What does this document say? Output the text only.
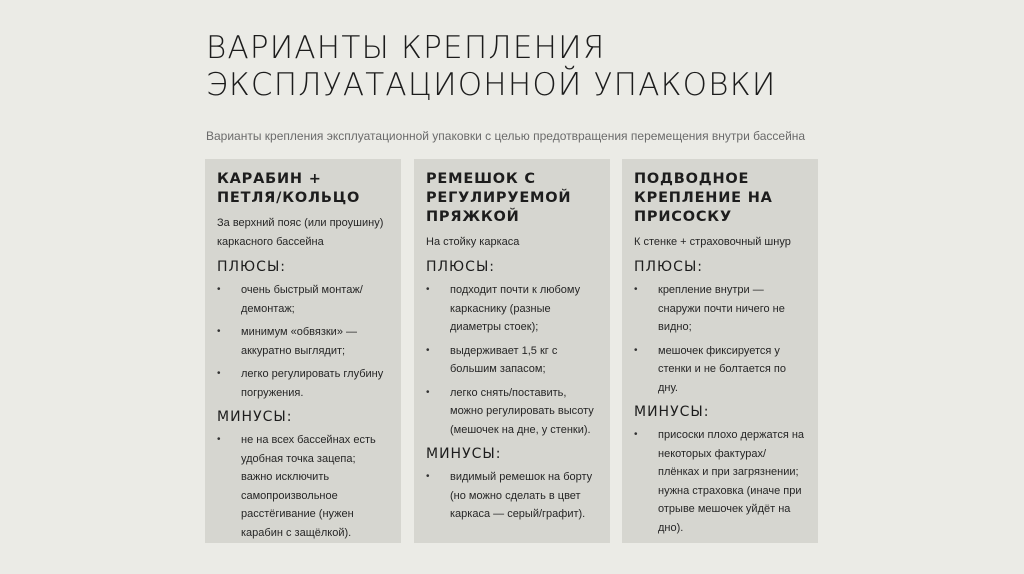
ВАРИАНТЫ КРЕПЛЕНИЯ
ЭКСПЛУАТАЦИОННОЙ УПАКОВКИ

Варианты крепления эксплуатационной упаковки с целью предотвращения перемещения внутри бассейна

КАРАБИН +
ПЕТЛЯ/КОЛЬЦО

За верхний пояс (или проушину) каркасного бассейна

ПЛЮСЫ:
• очень быстрый монтаж/демонтаж;
• минимум «обвязки» — аккуратно выглядит;
• легко регулировать глубину погружения.
МИНУСЫ:
• не на всех бассейнах есть удобная точка зацепа; важно исключить самопроизвольное расстёгивание (нужен карабин с защёлкой).
РЕМЕШОК С
РЕГУЛИРУЕМОЙ
ПРЯЖКОЙ

На стойку каркаса

ПЛЮСЫ:
• подходит почти к любому каркаснику (разные диаметры стоек);
• выдерживает 1,5 кг с большим запасом;
• легко снять/поставить, можно регулировать высоту (мешочек на дне, у стенки).
МИНУСЫ:
• видимый ремешок на борту (но можно сделать в цвет каркаса — серый/графит).
ПОДВОДНОЕ
КРЕПЛЕНИЕ НА
ПРИСОСКУ

К стенке + страховочный шнур

ПЛЮСЫ:
• крепление внутри — снаружи почти ничего не видно;
• мешочек фиксируется у стенки и не болтается по дну.
МИНУСЫ:
• присоски плохо держатся на некоторых фактурах/плёнках и при загрязнении; нужна страховка (иначе при отрыве мешочек уйдёт на дно).
